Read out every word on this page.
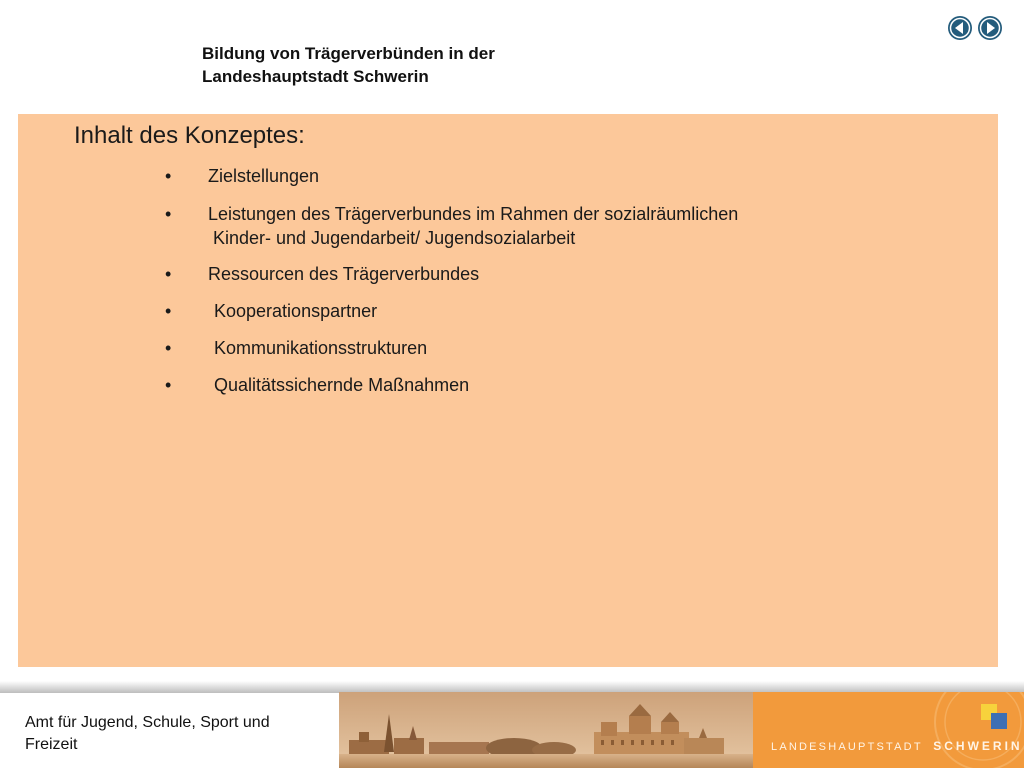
Bildung von Trägerverbünden in der
Landeshauptstadt Schwerin
Inhalt des Konzeptes:
•	Zielstellungen
•	Leistungen des Trägerverbundes im Rahmen der sozialräumlichen
Kinder- und Jugendarbeit/ Jugendsozialarbeit
•	Ressourcen des Trägerverbundes
•	Kooperationspartner
•	Kommunikationsstrukturen
•	Qualitätssichernde Maßnahmen
Amt für Jugend, Schule, Sport und
Freizeit	LANDESHAUPTSTADT SCHWERIN
